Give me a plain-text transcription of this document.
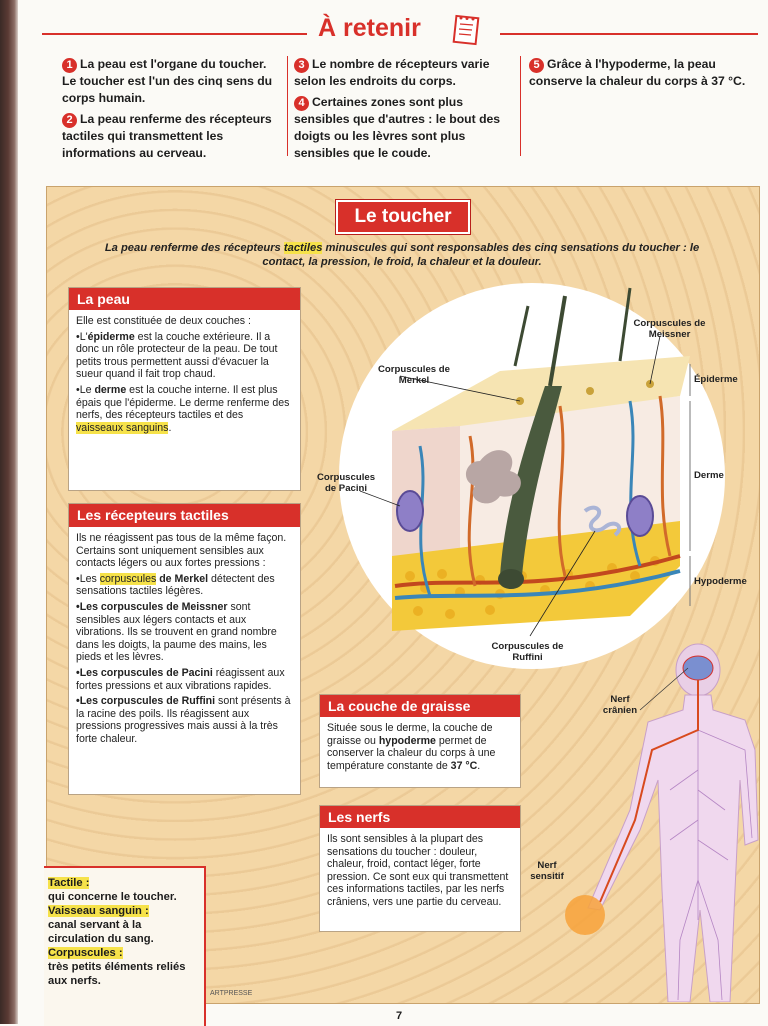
À retenir
1 La peau est l'organe du toucher. Le toucher est l'un des cinq sens du corps humain.
2 La peau renferme des récepteurs tactiles qui transmettent les informations au cerveau.
3 Le nombre de récepteurs varie selon les endroits du corps.
4 Certaines zones sont plus sensibles que d'autres : le bout des doigts ou les lèvres sont plus sensibles que le coude.
5 Grâce à l'hypoderme, la peau conserve la chaleur du corps à 37 °C.
Le toucher
La peau renferme des récepteurs tactiles minuscules qui sont responsables des cinq sensations du toucher : le contact, la pression, le froid, la chaleur et la douleur.
La peau

Elle est constituée de deux couches :

•L'épiderme est la couche extérieure. Il a donc un rôle protecteur de la peau. De tout petits trous permettent aussi d'évacuer la sueur quand il fait trop chaud.

•Le derme est la couche interne. Il est plus épais que l'épiderme. Le derme renferme des nerfs, des récepteurs tactiles et des vaisseaux sanguins.

Les récepteurs tactiles

Ils ne réagissent pas tous de la même façon. Certains sont uniquement sensibles aux contacts légers ou aux fortes pressions :

•Les corpuscules de Merkel détectent des sensations tactiles légères.

•Les corpuscules de Meissner sont sensibles aux légers contacts et aux vibrations. Ils se trouvent en grand nombre dans les doigts, la paume des mains, les pieds et les lèvres.

•Les corpuscules de Pacini réagissent aux fortes pressions et aux vibrations rapides.

•Les corpuscules de Ruffini sont présents à la racine des poils. Ils réagissent aux pressions progressives mais aussi à la très forte chaleur.

Corpuscules de Meissner
Corpuscules de Merkel
Corpuscules de Pacini
Corpuscules de Ruffini
Épiderme
Derme
Hypoderme
La couche de graisse
Située sous le derme, la couche de graisse ou hypoderme permet de conserver la chaleur du corps à une température constante de 37 °C.
Les nerfs
Ils sont sensibles à la plupart des sensations du toucher : douleur, chaleur, froid, contact léger, forte pression. Ce sont eux qui transmettent ces informations tactiles, par les nerfs crâniens, vers une partie du cerveau.
Nerf crânien
Nerf sensitif
Tactile :
qui concerne le toucher.
Vaisseau sanguin :
canal servant à la circulation du sang.
Corpuscules :
très petits éléments reliés aux nerfs.
ARTPRESSE
7
